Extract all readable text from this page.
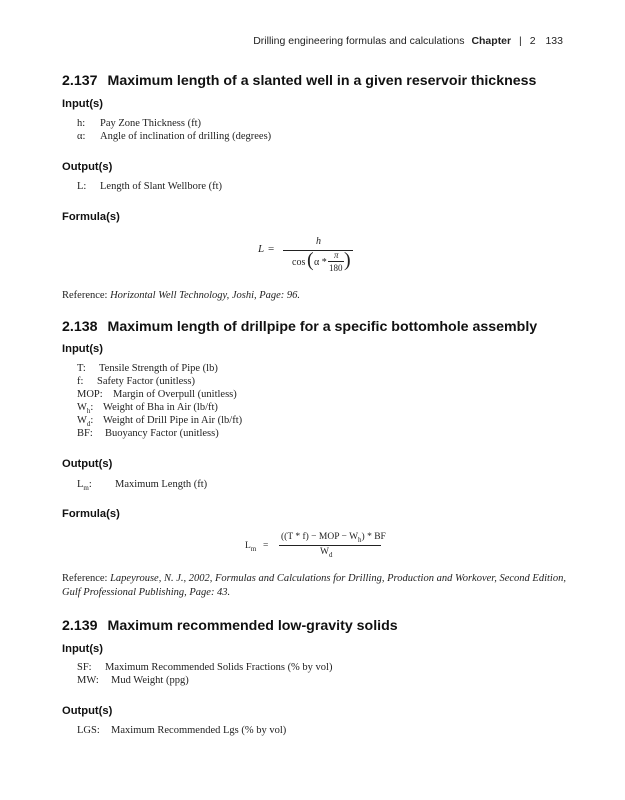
Drilling engineering formulas and calculations Chapter | 2 133
2.137 Maximum length of a slanted well in a given reservoir thickness
Input(s)
h: Pay Zone Thickness (ft)
α: Angle of inclination of drilling (degrees)
Output(s)
L: Length of Slant Wellbore (ft)
Formula(s)
L =
h
cos ( α *
π
180 )
Reference: Horizontal Well Technology, Joshi, Page: 96.
2.138 Maximum length of drillpipe for a specific bottomhole assembly
Input(s)
T: Tensile Strength of Pipe (lb)
f: Safety Factor (unitless)
MOP: Margin of Overpull (unitless)
$W_h$: Weight of Bha in Air (lb/ft)
$W_d$: Weight of Drill Pipe in Air (lb/ft)
BF: Buoyancy Factor (unitless)
Output(s)
$L_m$: Maximum Length (ft)
Formula(s)
$L_m$ =
((T * f) − MOP − $W_h$) * BF
$W_d$
Reference: Lapeyrouse, N. J., 2002, Formulas and Calculations for Drilling, Production and Workover, Second Edition,
Gulf Professional Publishing, Page: 43.
2.139 Maximum recommended low-gravity solids
Input(s)
SF: Maximum Recommended Solids Fractions (% by vol)
MW: Mud Weight (ppg)
Output(s)
LGS: Maximum Recommended Lgs (% by vol)
